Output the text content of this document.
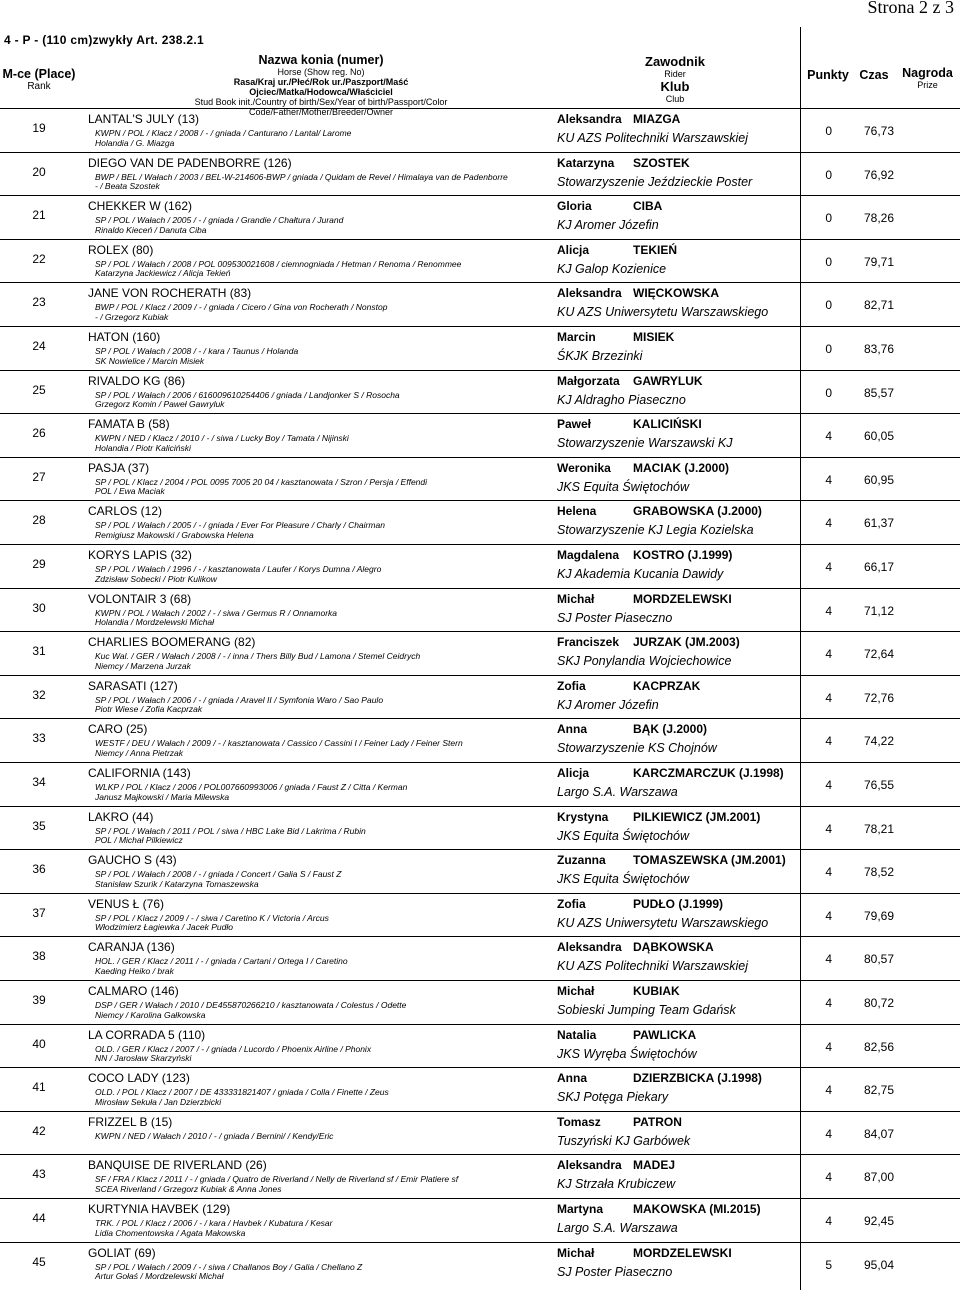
Strona 2 z 3
4 - P - (110 cm)zwykły Art. 238.2.1
M-ce (Place)
Rank
Nazwa konia (numer)
Horse (Show reg. No)
Rasa/Kraj ur./Płeć/Rok ur./Paszport/Maść
Ojciec/Matka/Hodowca/Właściciel
Stud Book init./Country of birth/Sex/Year of birth/Passport/Color Code/Father/Mother/Breeder/Owner
Zawodnik
Rider
Klub
Club
Punkty Czas	Nagroda
Prize
19
LANTAL'S JULY (13)
KWPN / POL / Klacz / 2008 / - / gniada / Canturano / Lantal/ Larome
Holandia / G. Miazga
Aleksandra MIAZGA
KU AZS Politechniki Warszawskiej	0	76,73
20
DIEGO VAN DE PADENBORRE (126)
BWP / BEL / Wałach / 2003 / BEL-W-214606-BWP / gniada / Quidam de Revel / Himalaya van de Padenborre
- / Beata Szostek
Katarzyna SZOSTEK
Stowarzyszenie Jeździeckie Poster	0	76,92
21
CHEKKER W (162)
SP / POL / Wałach / 2005 / - / gniada / Grandie / Chałtura / Jurand
Rinaldo Kieceń / Danuta Ciba
Gloria	CIBA
KJ Aromer Józefin	0	78,26
22
ROLEX (80)
SP / POL / Wałach / 2008 / POL 009530021608 / ciemnogniada / Hetman / Renoma / Renommee
Katarzyna Jackiewicz / Alicja Tekień
Alicja	TEKIEŃ
KJ Galop Kozienice	0	79,71
23
JANE VON ROCHERATH (83)
BWP / POL / Klacz / 2009 / - / gniada / Cicero / Gina von Rocherath / Nonstop
- / Grzegorz Kubiak
Aleksandra WIĘCKOWSKA
KU AZS Uniwersytetu Warszawskiego	0	82,71
24
HATON (160)
SP / POL / Wałach / 2008 / - / kara / Taunus / Holanda
SK Nowielice / Marcin Misiek
Marcin	MISIEK
ŚKJK Brzezinki	0	83,76
25
RIVALDO KG (86)
SP / POL / Wałach / 2006 / 616009610254406 / gniada / Landjonker S / Rosocha
Grzegorz Komin / Paweł Gawryluk
Małgorzata GAWRYLUK
KJ Aldragho Piaseczno	0	85,57
26
FAMATA B (58)
KWPN / NED / Klacz / 2010 / - / siwa / Lucky Boy / Tamata / Nijinski
Holandia / Piotr Kaliciński
Paweł	KALICIŃSKI
Stowarzyszenie Warszawski KJ	4	60,05
27
PASJA (37)
SP / POL / Klacz / 2004 / POL 0095 7005 20 04 / kasztanowata / Szron / Persja / Effendi
POL / Ewa Maciak
Weronika MACIAK (J.2000)
JKS Equita Świętochów	4	60,95
28
CARLOS (12)
SP / POL / Wałach / 2005 / - / gniada / Ever For Pleasure / Charly / Chairman
Remigiusz Makowski / Grabowska Helena
Helena	GRABOWSKA (J.2000)
Stowarzyszenie KJ Legia Kozielska	4	61,37
29
KORYS LAPIS (32)
SP / POL / Wałach / 1996 / - / kasztanowata / Laufer / Korys Dumna / Alegro
Zdzisław Sobecki / Piotr Kulikow
Magdalena KOSTRO (J.1999)
KJ Akademia Kucania Dawidy	4	66,17
30
VOLONTAIR 3 (68)
KWPN / POL / Wałach / 2002 / - / siwa / Germus R / Onnamorka
Holandia / Mordzelewski Michał
Michał	MORDZELEWSKI
SJ Poster Piaseczno	4	71,12
31
CHARLIES BOOMERANG (82)
Kuc Wal. / GER / Wałach / 2008 / - / inna / Thers Billy Bud / Lamona / Stemel Ceidrych
Niemcy / Marzena Jurzak
Franciszek JURZAK (JM.2003)
SKJ Ponylandia Wojciechowice	4	72,64
32
SARASATI (127)
SP / POL / Wałach / 2006 / - / gniada / Aravel II / Symfonia Waro / Sao Paulo
Piotr Wiese / Zofia Kacprzak
Zofia	KACPRZAK
KJ Aromer Józefin	4	72,76
33
CARO (25)
WESTF / DEU / Wałach / 2009 / - / kasztanowata / Cassico / Cassini I / Feiner Lady / Feiner Stern
Niemcy / Anna Pietrzak
Anna	BĄK (J.2000)
Stowarzyszenie KS Chojnów	4	74,22
34
CALIFORNIA (143)
WLKP / POL / Klacz / 2006 / POL007660993006 / gniada / Faust Z / Citta / Kerman
Janusz Majkowski / Maria Milewska
Alicja	KARCZMARCZUK (J.1998)
Largo S.A. Warszawa	4	76,55
35
LAKRO (44)
SP / POL / Wałach / 2011 / POL / siwa / HBC Lake Bid / Lakrima / Rubin
POL / Michał Pilkiewicz
Krystyna PILKIEWICZ (JM.2001)
JKS Equita Świętochów	4	78,21
36
GAUCHO S (43)
SP / POL / Wałach / 2008 / - / gniada / Concert / Galia S / Faust Z
Stanisław Szurik / Katarzyna Tomaszewska
Zuzanna TOMASZEWSKA (JM.2001)
JKS Equita Świętochów	4	78,52
37
VENUS Ł (76)
SP / POL / Klacz / 2009 / - / siwa / Caretino K / Victoria / Arcus
Włodzimierz Łagiewka / Jacek Pudło
Zofia	PUDŁO (J.1999)
KU AZS Uniwersytetu Warszawskiego	4	79,69
38
CARANJA (136)
HOL. / GER / Klacz / 2011 / - / gniada / Cartani / Ortega I / Caretino
Kaeding Heiko / brak
Aleksandra DĄBKOWSKA
KU AZS Politechniki Warszawskiej	4	80,57
39
CALMARO (146)
DSP / GER / Wałach / 2010 / DE455870266210 / kasztanowata / Colestus / Odette
Niemcy / Karolina Gałkowska
Michał	KUBIAK
Sobieski Jumping Team Gdańsk	4	80,72
40
LA CORRADA 5 (110)
OLD. / GER / Klacz / 2007 / - / gniada / Lucordo / Phoenix Airline / Phonix
NN / Jarosław Skarzyński
Natalia	PAWLICKA
JKS Wyręba Świętochów	4	82,56
41
COCO LADY (123)
OLD. / POL / Klacz / 2007 / DE 433331821407 / gniada / Colla / Finette / Zeus
Mirosław Sekuła / Jan Dzierzbicki
Anna	DZIERZBICKA (J.1998)
SKJ Potęga Piekary	4	82,75
42
FRIZZEL B (15)
KWPN / NED / Wałach / 2010 / - / gniada / Bernini/ / Kendy/Eric
Tomasz	PATRON
Tuszyński KJ Garbówek	4	84,07
43
BANQUISE DE RIVERLAND (26)
SF / FRA / Klacz / 2011 / - / gniada / Quatro de Riverland / Nelly de Riverland sf / Emir Platiere sf
SCEA Riverland / Grzegorz Kubiak & Anna Jones
Aleksandra MADEJ
KJ Strzała Krubiczew	4	87,00
44
KURTYNIA HAVBEK (129)
TRK. / POL / Klacz / 2006 / - / kara / Havbek / Kubatura / Kesar
Lidia Chomentowska / Agata Makowska
Martyna MAKOWSKA (MI.2015)
Largo S.A. Warszawa	4	92,45
45
GOLIAT (69)
SP / POL / Wałach / 2009 / - / siwa / Challanos Boy / Galia / Chellano Z
Artur Gołaś / Mordzelewski Michał
Michał	MORDZELEWSKI
SJ Poster Piaseczno	5	95,04
